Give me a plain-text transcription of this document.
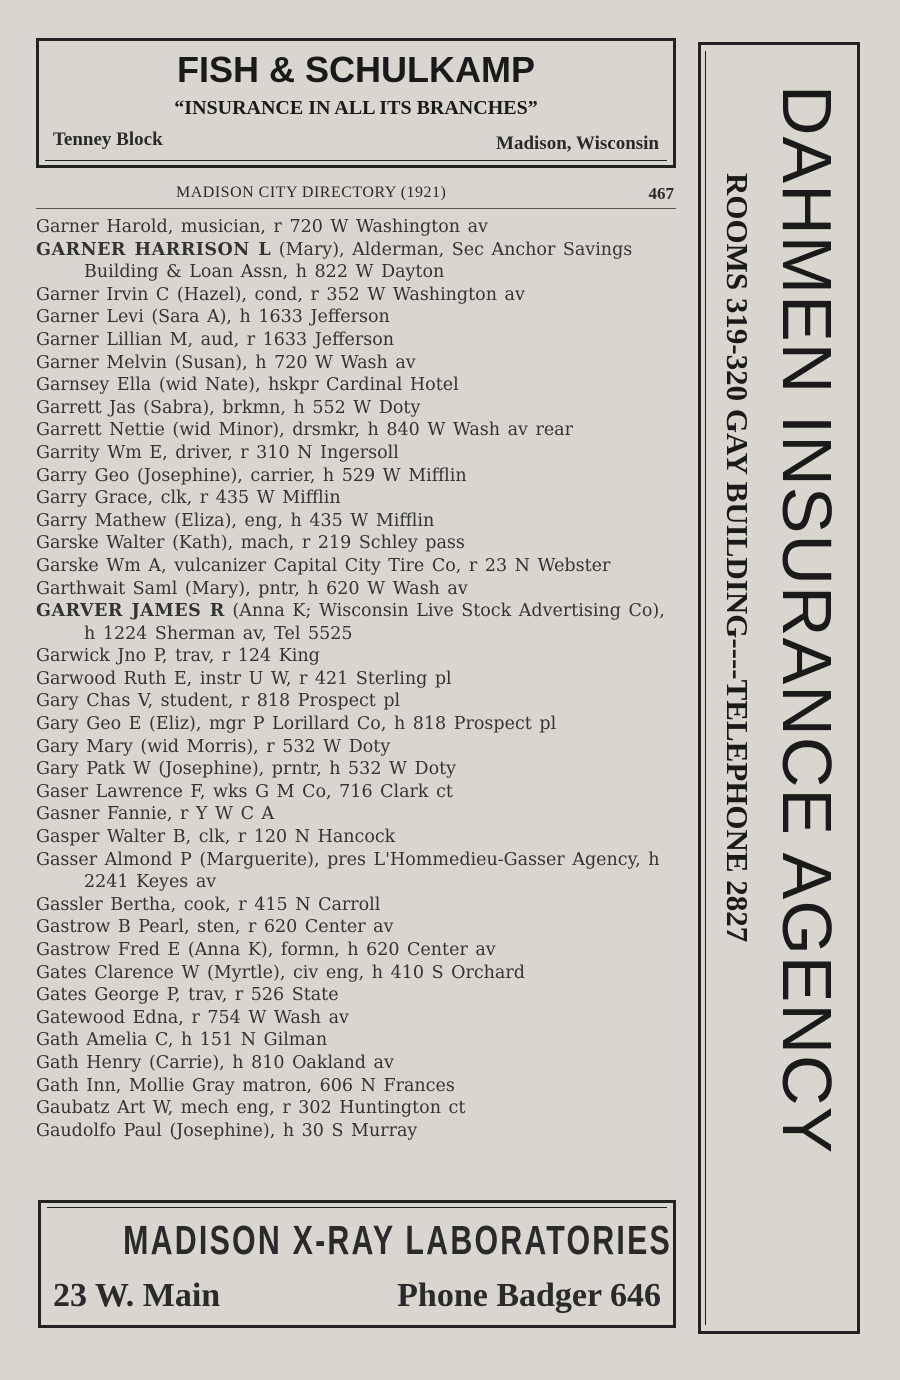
FISH & SCHULKAMP
“INSURANCE IN ALL ITS BRANCHES”
Tenney Block	Madison, Wisconsin
MADISON CITY DIRECTORY (1921)	467
Garner Harold, musician, r 720 W Washington av
GARNER HARRISON L (Mary), Alderman, Sec Anchor Savings Building & Loan Assn, h 822 W Dayton
Garner Irvin C (Hazel), cond, r 352 W Washington av
Garner Levi (Sara A), h 1633 Jefferson
Garner Lillian M, aud, r 1633 Jefferson
Garner Melvin (Susan), h 720 W Wash av
Garnsey Ella (wid Nate), hskpr Cardinal Hotel
Garrett Jas (Sabra), brkmn, h 552 W Doty
Garrett Nettie (wid Minor), drsmkr, h 840 W Wash av rear
Garrity Wm E, driver, r 310 N Ingersoll
Garry Geo (Josephine), carrier, h 529 W Mifflin
Garry Grace, clk, r 435 W Mifflin
Garry Mathew (Eliza), eng, h 435 W Mifflin
Garske Walter (Kath), mach, r 219 Schley pass
Garske Wm A, vulcanizer Capital City Tire Co, r 23 N Webster
Garthwait Saml (Mary), pntr, h 620 W Wash av
GARVER JAMES R (Anna K; Wisconsin Live Stock Advertising Co), h 1224 Sherman av, Tel 5525
Garwick Jno P, trav, r 124 King
Garwood Ruth E, instr U W, r 421 Sterling pl
Gary Chas V, student, r 818 Prospect pl
Gary Geo E (Eliz), mgr P Lorillard Co, h 818 Prospect pl
Gary Mary (wid Morris), r 532 W Doty
Gary Patk W (Josephine), prntr, h 532 W Doty
Gaser Lawrence F, wks G M Co, 716 Clark ct
Gasner Fannie, r Y W C A
Gasper Walter B, clk, r 120 N Hancock
Gasser Almond P (Marguerite), pres L'Hommedieu-Gasser Agency, h 2241 Keyes av
Gassler Bertha, cook, r 415 N Carroll
Gastrow B Pearl, sten, r 620 Center av
Gastrow Fred E (Anna K), formn, h 620 Center av
Gates Clarence W (Myrtle), civ eng, h 410 S Orchard
Gates George P, trav, r 526 State
Gatewood Edna, r 754 W Wash av
Gath Amelia C, h 151 N Gilman
Gath Henry (Carrie), h 810 Oakland av
Gath Inn, Mollie Gray matron, 606 N Frances
Gaubatz Art W, mech eng, r 302 Huntington ct
Gaudolfo Paul (Josephine), h 30 S Murray
MADISON X-RAY LABORATORIES
23 W. Main	Phone Badger 646
DAHMEN INSURANCE AGENCY
ROOMS 319-320 GAY BUILDING----TELEPHONE 2827
